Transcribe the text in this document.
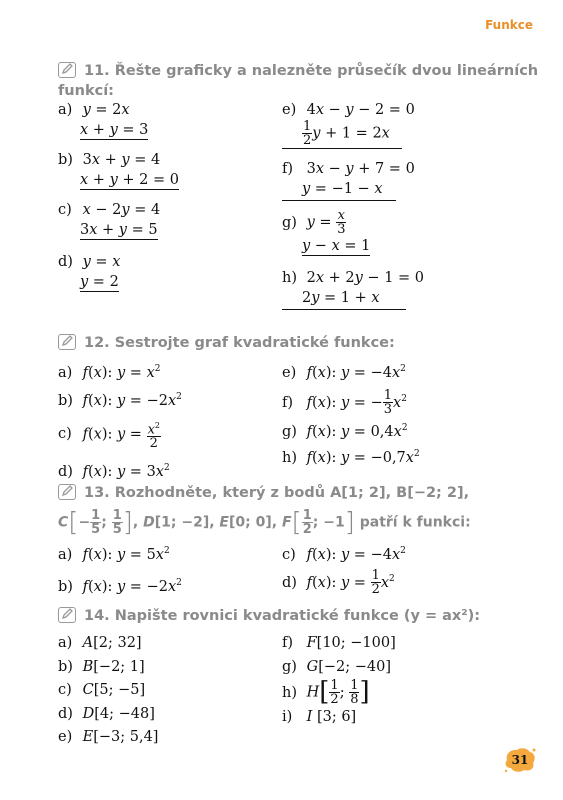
Funkce
11. Řešte graficky a nalezněte průsečík dvou lineárních
funkcí:
a) y = 2x
x + y = 3
b) 3x + y = 4
x + y + 2 = 0
c) x − 2y = 4
3x + y = 5
d) y = x
y = 2
e) 4x − y − 2 = 0
$\frac{1}{2}$ y + 1 = 2x
f) 3x − y + 7 = 0
y = −1 − x
g) $y = \frac{x}{3}$
y − x = 1
h) 2x + 2y − 1 = 0
2y = 1 + x
12. Sestrojte graf kvadratické funkce:
a) f(x): $y = x^2$
b) f(x): $y = -2x^2$
c) f(x): $y = \frac{x^2}{2}$
d) f(x): $y = 3x^2$
e) f(x): $y = -4x^2$
f) f(x): y = − $\frac{1}{3} x^2$
g) f(x): $y = 0,4x^2$
h) f(x): $y = -0,7x^2$
13. Rozhodněte, který z bodů A[1; 2], B[−2; 2],
$C[- \frac{1}{5}$ ; $\frac{1}{5}$ ], D[1; −2], E[0; 0], $F[ \frac{1}{2}$ ; −1] patří k funkci:
a) f(x): $y = 5x^2$
b) f(x): $y = -2x^2$
c) f(x): $y = -4x^2$
d) f(x): $y = \frac{1}{2} x^2$
14. Napište rovnici kvadratické funkce (y = ax²):
a) A[2; 32]
b) B[−2; 1]
c) C[5; −5]
d) D[4; −48]
e) E[−3; 5,4]
f) F[10; −100]
g) G[−2; −40]
h) $H[ \frac{1}{2}$ ; $\frac{1}{8}$ ]
i) I [3; 6]
31
